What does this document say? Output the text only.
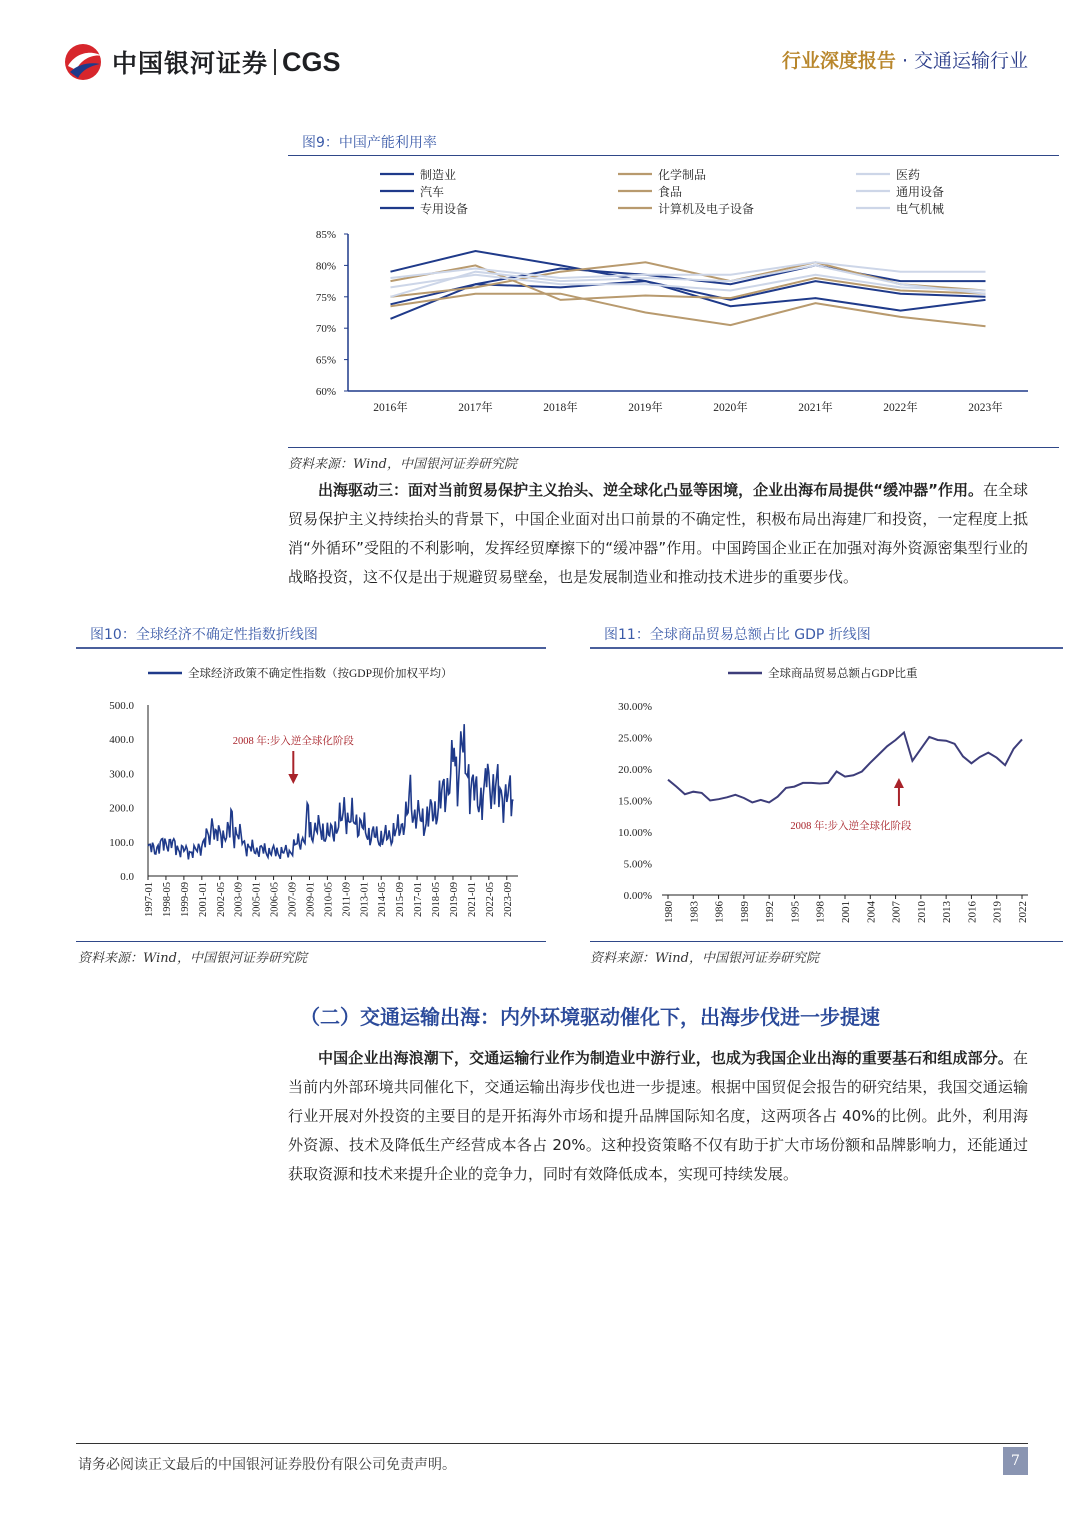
中国银河证券 CGS	行业深度报告 · 交通运输行业
图9：中国产能利用率
制造业	化学制品	医药
汽车	食品	通用设备
专用设备	计算机及电子设备	电气机械
85%
80%
75%
70%
65%
60%
2016年	2017年	2018年	2019年	2020年	2021年	2022年	2023年
资料来源：Wind，中国银河证券研究院
出海驱动三：面对当前贸易保护主义抬头、逆全球化凸显等困境，企业出海布局提供“缓冲器”作用。在全球贸易保护主义持续抬头的背景下，中国企业面对出口前景的不确定性，积极布局出海建厂和投资，一定程度上抵消“外循环”受阻的不利影响，发挥经贸摩擦下的“缓冲器”作用。中国跨国企业正在加强对海外资源密集型行业的战略投资，这不仅是出于规避贸易壁垒，也是发展制造业和推动技术进步的重要步伐。
图10：全球经济不确定性指数折线图
全球经济政策不确定性指数（按GDP现价加权平均）
500.0
400.0
300.0
200.0
100.0
0.0
1997-01 1998-05 1999-09 2001-01 2002-05 2003-09 2005-01 2006-05 2007-09 2009-01 2010-05 2011-09 2013-01 2014-05 2015-09 2017-01 2018-05 2019-09 2021-01 2022-05 2023-09
2008 年:步入逆全球化阶段
资料来源：Wind，中国银河证券研究院
图11：全球商品贸易总额占比 GDP 折线图
全球商品贸易总额占GDP比重
30.00%
25.00%
20.00%
15.00%
10.00%
5.00%
0.00%
1980 1983 1986 1989 1992 1995 1998 2001 2004 2007 2010 2013 2016 2019 2022
2008 年:步入逆全球化阶段
资料来源：Wind，中国银河证券研究院
（二）交通运输出海：内外环境驱动催化下，出海步伐进一步提速
中国企业出海浪潮下，交通运输行业作为制造业中游行业，也成为我国企业出海的重要基石和组成部分。在当前内外部环境共同催化下，交通运输出海步伐也进一步提速。根据中国贸促会报告的研究结果，我国交通运输行业开展对外投资的主要目的是开拓海外市场和提升品牌国际知名度，这两项各占 40%的比例。此外，利用海外资源、技术及降低生产经营成本各占 20%。这种投资策略不仅有助于扩大市场份额和品牌影响力，还能通过获取资源和技术来提升企业的竞争力，同时有效降低成本，实现可持续发展。
请务必阅读正文最后的中国银河证券股份有限公司免责声明。	7
